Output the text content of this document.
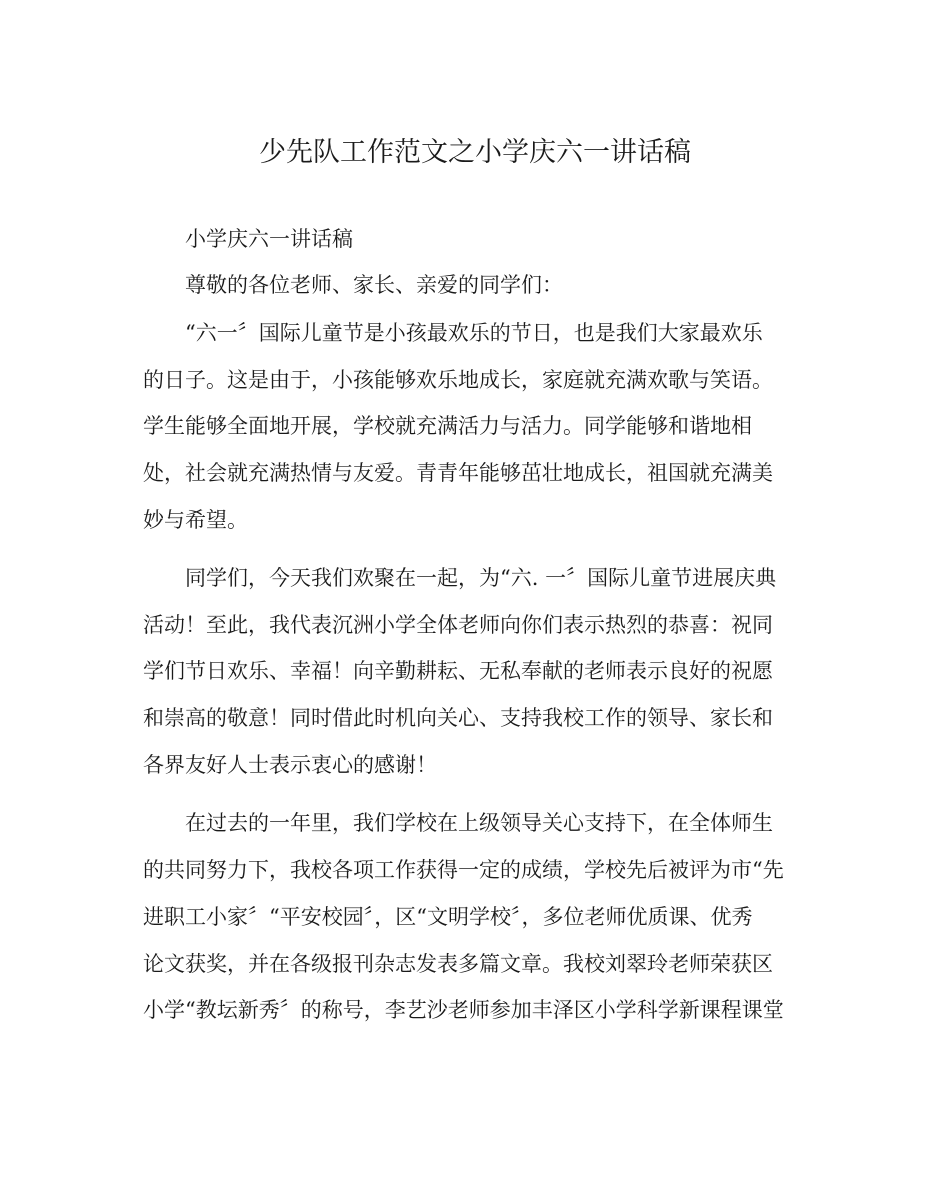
少先队工作范文之小学庆六一讲话稿

小学庆六一讲话稿

尊敬的各位老师、家长、亲爱的同学们：

“六一〞国际儿童节是小孩最欢乐的节日，也是我们大家最欢乐

的日子。这是由于，小孩能够欢乐地成长，家庭就充满欢歌与笑语。

学生能够全面地开展，学校就充满活力与活力。同学能够和谐地相

处，社会就充满热情与友爱。青青年能够茁壮地成长，祖国就充满美

妙与希望。

同学们，今天我们欢聚在一起，为“六. 一〞国际儿童节进展庆典

活动！至此，我代表沉洲小学全体老师向你们表示热烈的恭喜：祝同

学们节日欢乐、幸福！向辛勤耕耘、无私奉献的老师表示良好的祝愿

和崇高的敬意！同时借此时机向关心、支持我校工作的领导、家长和

各界友好人士表示衷心的感谢！

在过去的一年里，我们学校在上级领导关心支持下，在全体师生

的共同努力下，我校各项工作获得一定的成绩，学校先后被评为市“先

进职工小家〞“平安校园〞，区“文明学校〞，多位老师优质课、优秀

论文获奖，并在各级报刊杂志发表多篇文章。我校刘翠玲老师荣获区

小学“教坛新秀〞的称号，李艺沙老师参加丰泽区小学科学新课程课堂
